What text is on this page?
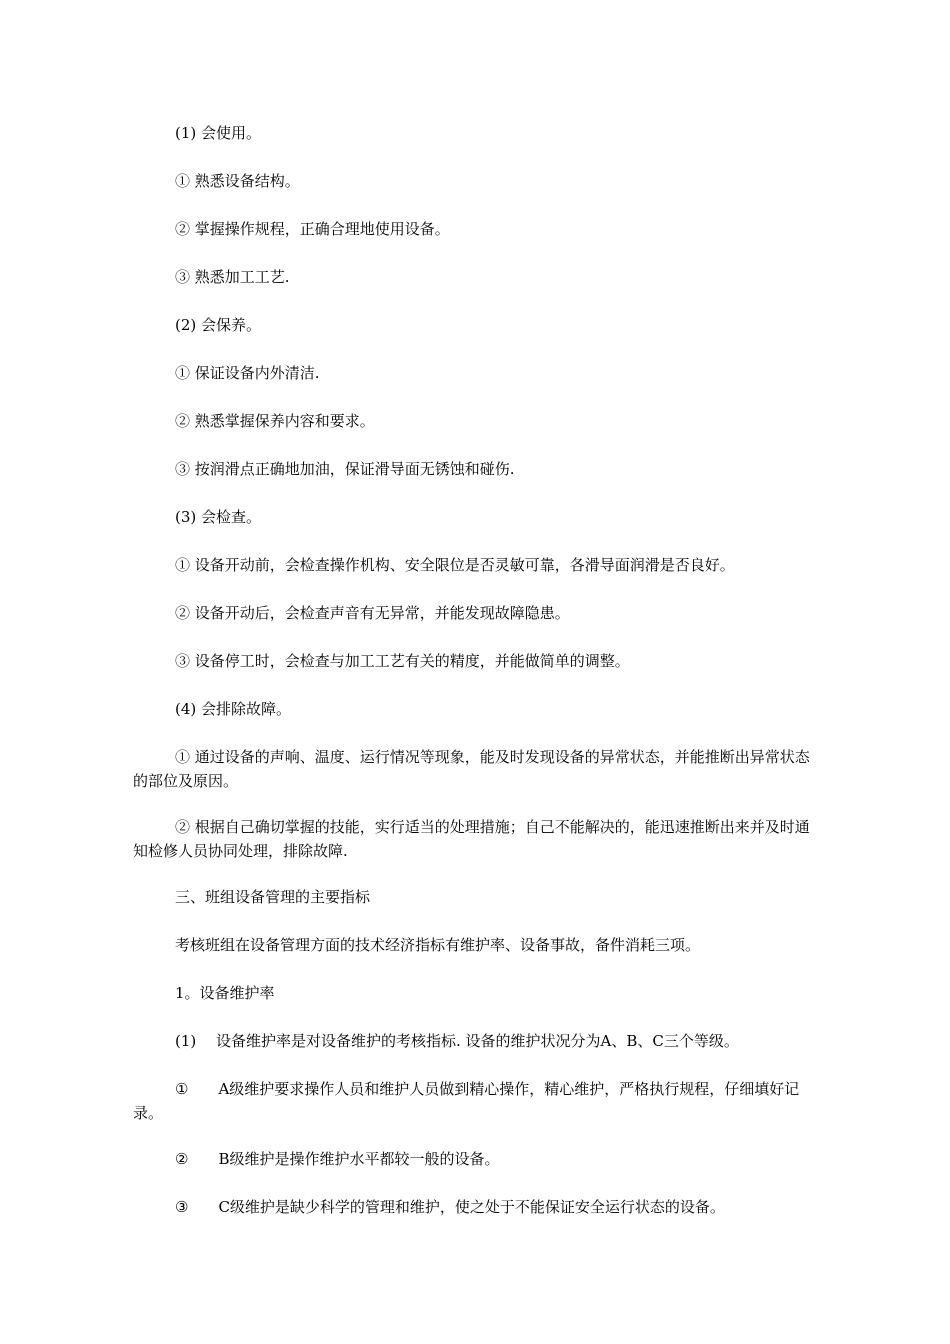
(1) 会使用。

① 熟悉设备结构。

② 掌握操作规程，正确合理地使用设备。

③ 熟悉加工工艺.

(2) 会保养。

① 保证设备内外清洁.

② 熟悉掌握保养内容和要求。

③ 按润滑点正确地加油，保证滑导面无锈蚀和碰伤.

(3) 会检查。

① 设备开动前，会检查操作机构、安全限位是否灵敏可靠，各滑导面润滑是否良好。

② 设备开动后，会检查声音有无异常，并能发现故障隐患。

③ 设备停工时，会检查与加工工艺有关的精度，并能做简单的调整。

(4) 会排除故障。

① 通过设备的声响、温度、运行情况等现象，能及时发现设备的异常状态，并能推断出异常状态的部位及原因。

② 根据自己确切掌握的技能，实行适当的处理措施；自己不能解决的，能迅速推断出来并及时通知检修人员协同处理，排除故障.

三、班组设备管理的主要指标

考核班组在设备管理方面的技术经济指标有维护率、设备事故，备件消耗三项。

1。设备维护率

(1)　 设备维护率是对设备维护的考核指标. 设备的维护状况分为A、B、C三个等级。

①　　A级维护要求操作人员和维护人员做到精心操作，精心维护，严格执行规程，仔细填好记录。

②　　B级维护是操作维护水平都较一般的设备。

③　　C级维护是缺少科学的管理和维护，使之处于不能保证安全运行状态的设备。
